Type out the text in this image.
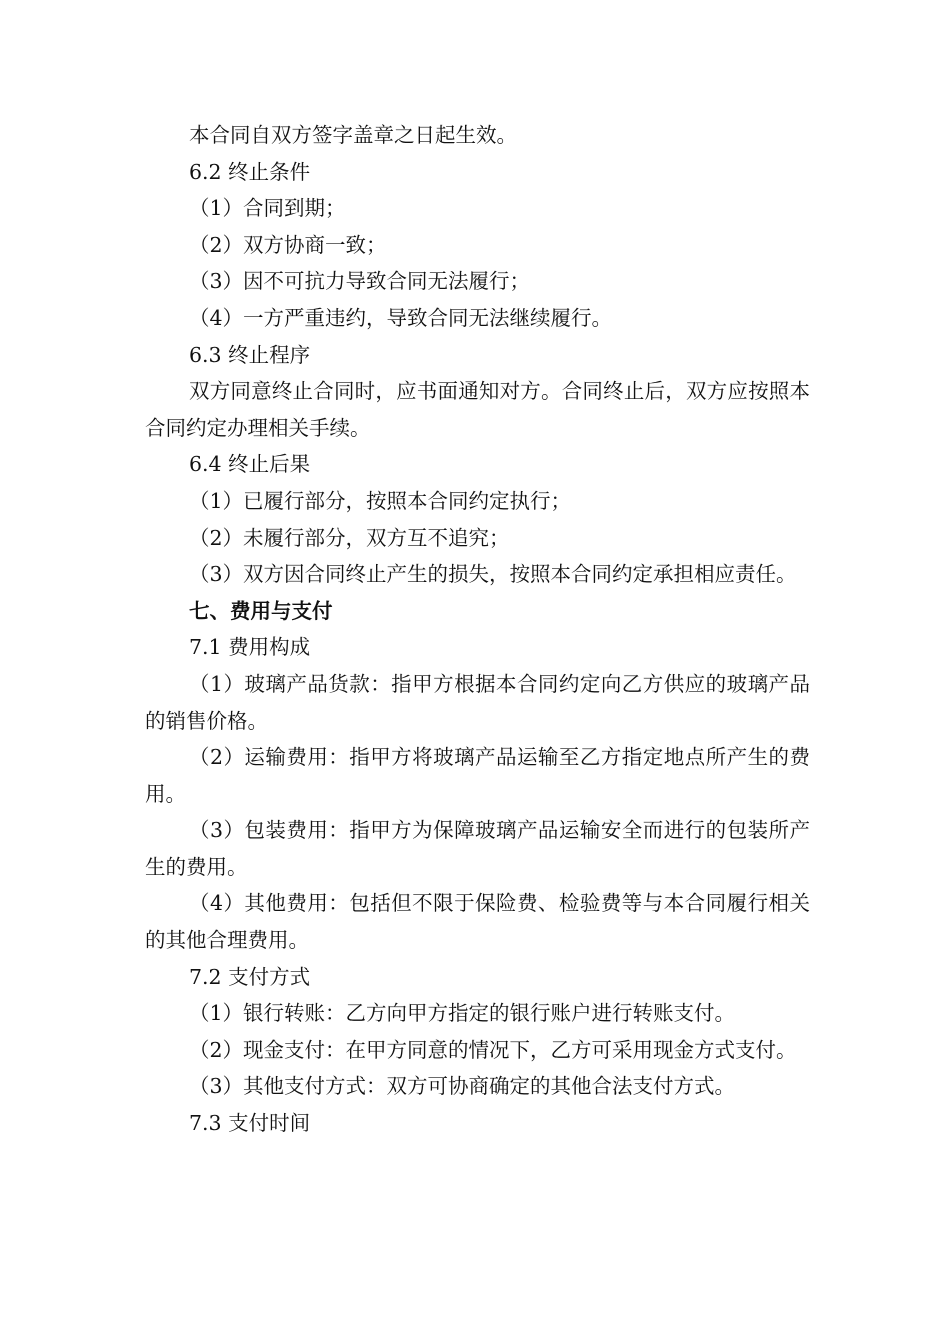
本合同自双方签字盖章之日起生效。

6.2 终止条件

（1）合同到期；

（2）双方协商一致；

（3）因不可抗力导致合同无法履行；

（4）一方严重违约，导致合同无法继续履行。

6.3 终止程序

双方同意终止合同时，应书面通知对方。合同终止后，双方应按照本合同约定办理相关手续。

6.4 终止后果

（1）已履行部分，按照本合同约定执行；

（2）未履行部分，双方互不追究；

（3）双方因合同终止产生的损失，按照本合同约定承担相应责任。

七、费用与支付

7.1 费用构成

（1）玻璃产品货款：指甲方根据本合同约定向乙方供应的玻璃产品的销售价格。

（2）运输费用：指甲方将玻璃产品运输至乙方指定地点所产生的费用。

（3）包装费用：指甲方为保障玻璃产品运输安全而进行的包装所产生的费用。

（4）其他费用：包括但不限于保险费、检验费等与本合同履行相关的其他合理费用。

7.2 支付方式

（1）银行转账：乙方向甲方指定的银行账户进行转账支付。

（2）现金支付：在甲方同意的情况下，乙方可采用现金方式支付。

（3）其他支付方式：双方可协商确定的其他合法支付方式。

7.3 支付时间
